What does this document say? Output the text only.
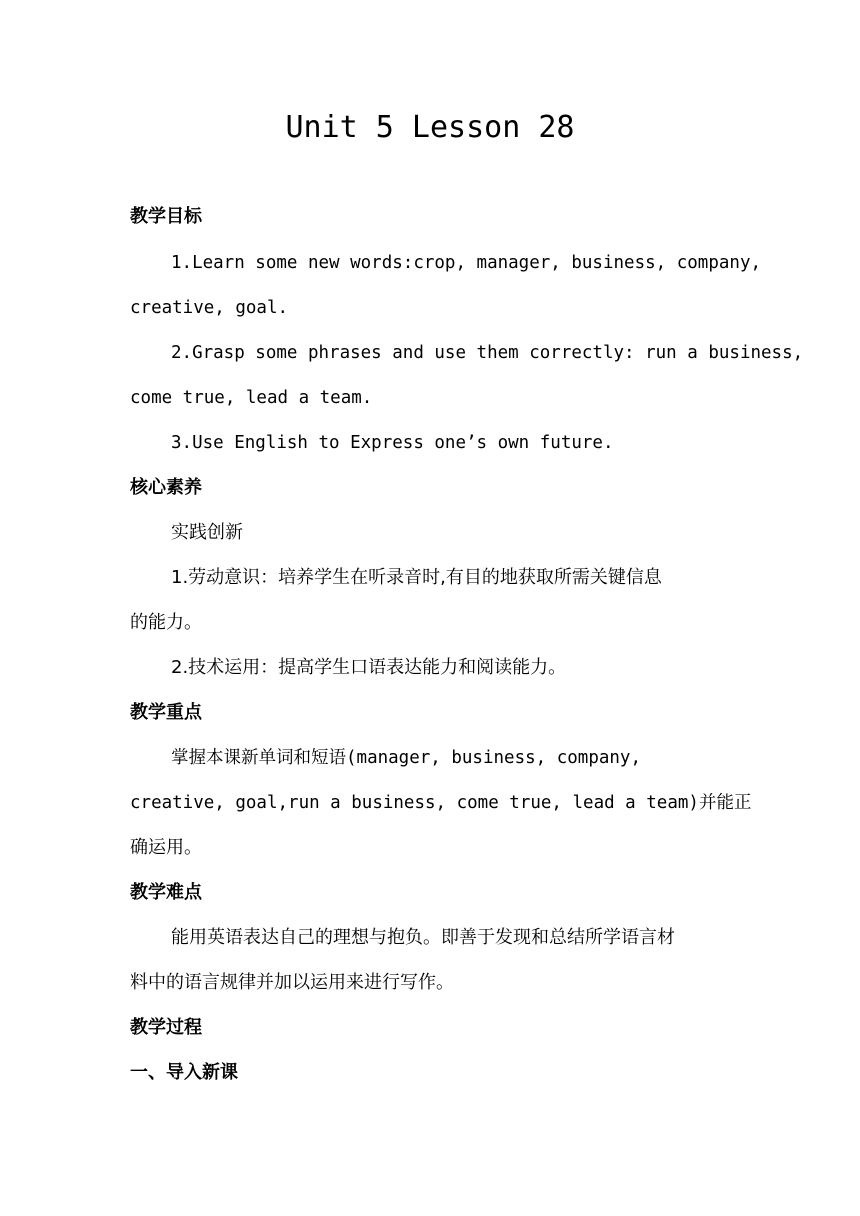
Unit 5 Lesson 28
教学目标
1.Learn some new words:crop, manager, business, company,
creative, goal.
2.Grasp some phrases and use them correctly: run a business,
come true, lead a team.
3.Use English to Express one’s own future.
核心素养
实践创新
1.劳动意识：培养学生在听录音时,有目的地获取所需关键信息
的能力。
2.技术运用：提高学生口语表达能力和阅读能力。
教学重点
掌握本课新单词和短语(manager, business, company,
creative, goal,run a business, come true, lead a team)并能正
确运用。
教学难点
能用英语表达自己的理想与抱负。即善于发现和总结所学语言材
料中的语言规律并加以运用来进行写作。
教学过程
一、导入新课
